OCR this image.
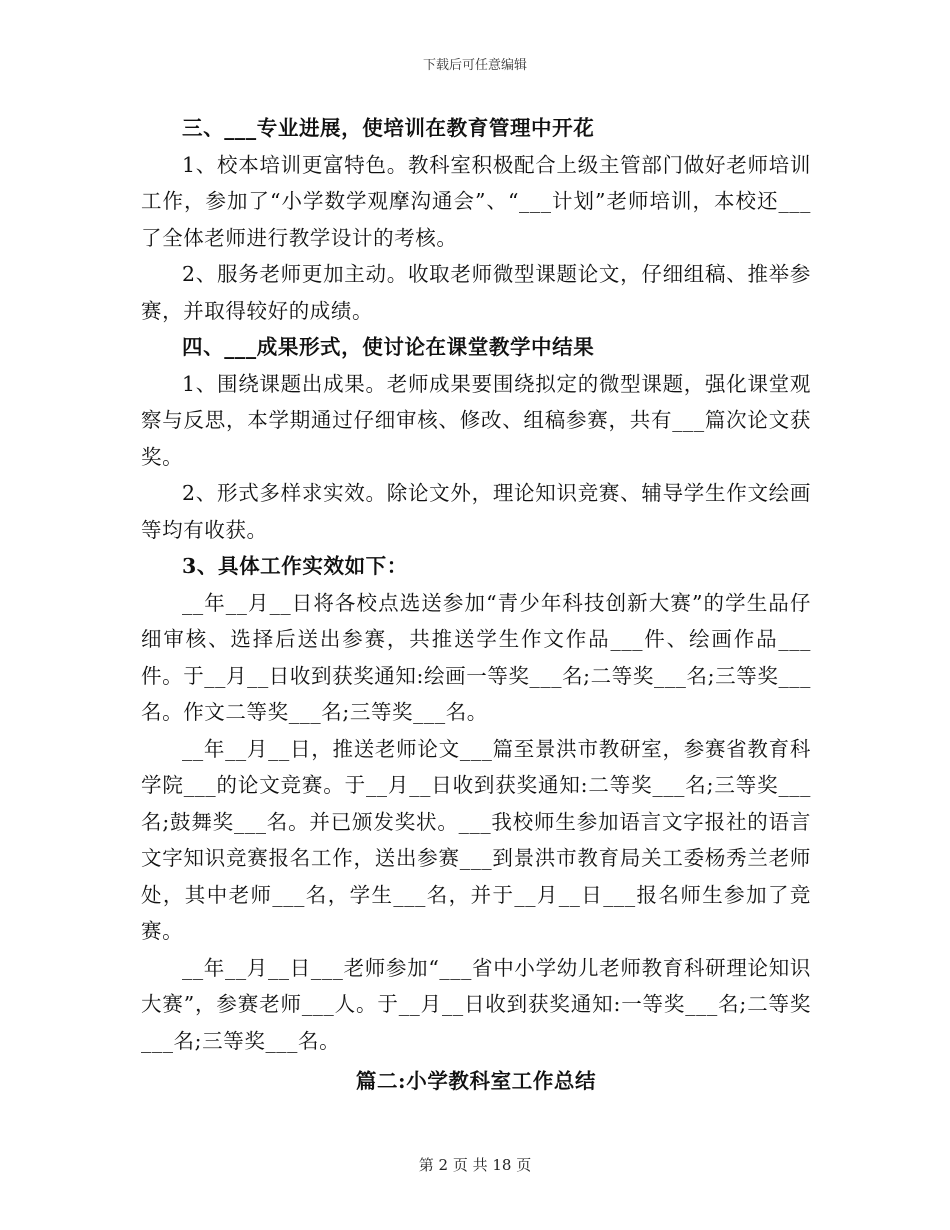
下载后可任意编辑

三、___专业进展，使培训在教育管理中开花

1、校本培训更富特色。教科室积极配合上级主管部门做好老师培训工作，参加了“小学数学观摩沟通会”、“___计划”老师培训，本校还___了全体老师进行教学设计的考核。

2、服务老师更加主动。收取老师微型课题论文，仔细组稿、推举参赛，并取得较好的成绩。

四、___成果形式，使讨论在课堂教学中结果

1、围绕课题出成果。老师成果要围绕拟定的微型课题，强化课堂观察与反思，本学期通过仔细审核、修改、组稿参赛，共有___篇次论文获奖。

2、形式多样求实效。除论文外，理论知识竞赛、辅导学生作文绘画等均有收获。

3、具体工作实效如下：

__年__月__日将各校点选送参加“青少年科技创新大赛”的学生品仔细审核、选择后送出参赛，共推送学生作文作品___件、绘画作品___件。于__月__日收到获奖通知:绘画一等奖___名;二等奖___名;三等奖___名。作文二等奖___名;三等奖___名。

__年__月__日，推送老师论文___篇至景洪市教研室，参赛省教育科学院___的论文竞赛。于__月__日收到获奖通知:二等奖___名;三等奖___名;鼓舞奖___名。并已颁发奖状。___我校师生参加语言文字报社的语言文字知识竞赛报名工作，送出参赛___到景洪市教育局关工委杨秀兰老师处，其中老师___名，学生___名，并于__月__日___报名师生参加了竞赛。

__年__月__日___老师参加“___省中小学幼儿老师教育科研理论知识大赛”，参赛老师___人。于__月__日收到获奖通知:一等奖___名;二等奖___名;三等奖___名。

篇二:小学教科室工作总结

第 2 页 共 18 页
